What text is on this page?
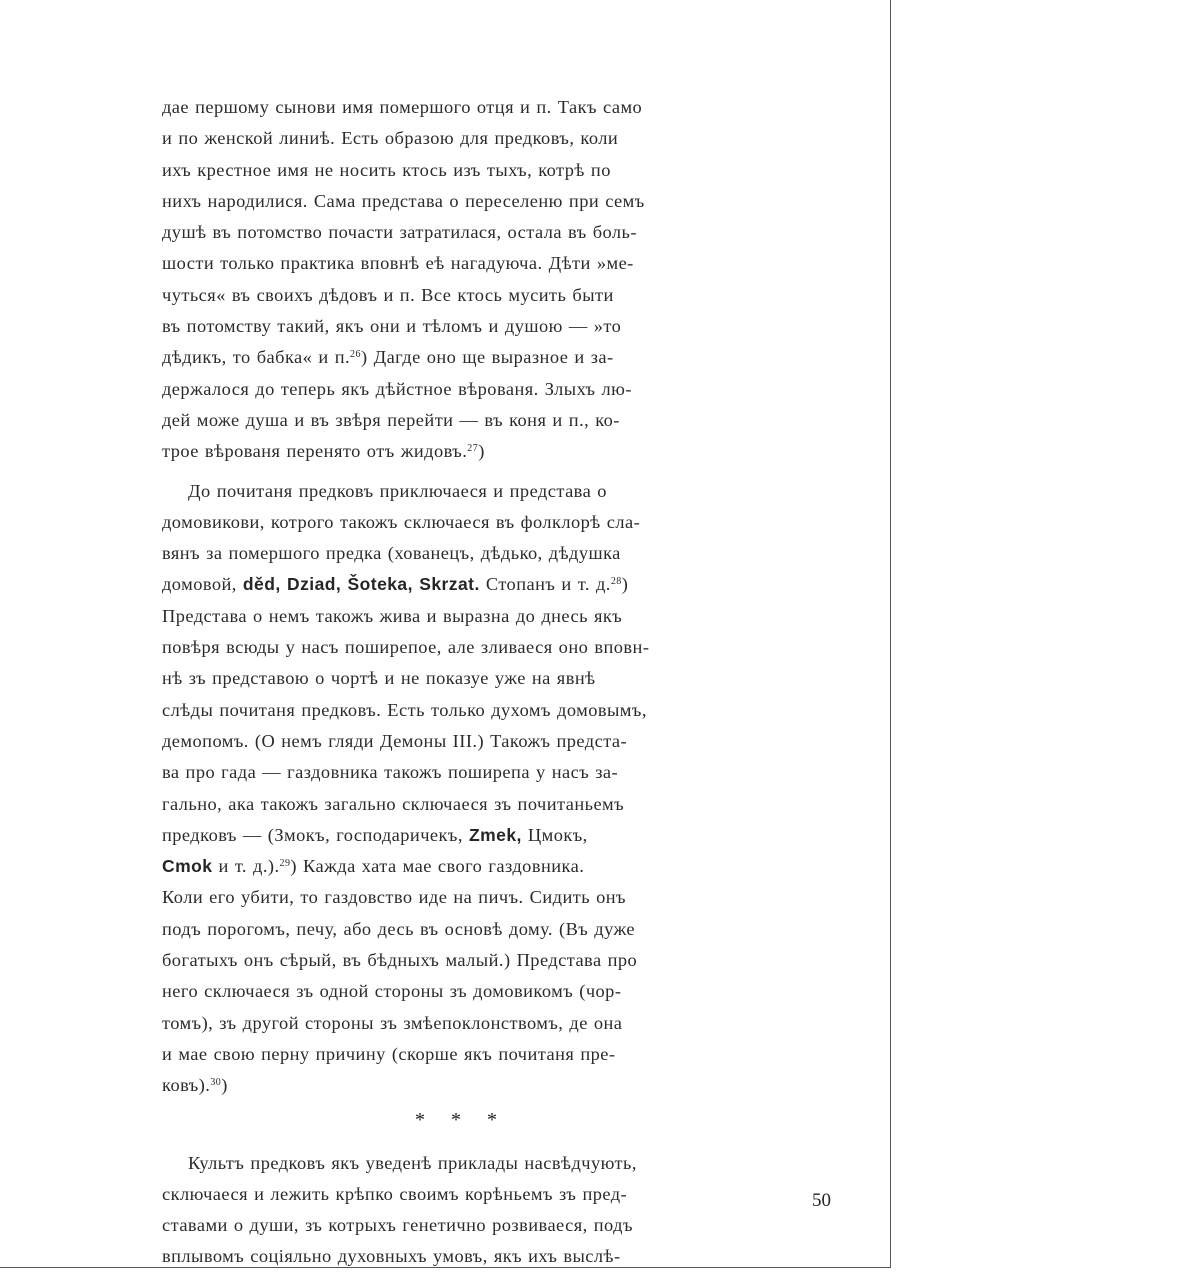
дае першому сынови имя помершого отця и п. Такъ само
и по женской линиѣ. Есть образою для предковъ, коли
ихъ крестное имя не носить ктось изъ тыхъ, котрѣ по
нихъ народилися. Сама представа о переселеню при семъ
душѣ въ потомство почасти затратилася, остала въ боль-
шости только практика вповнѣ еѣ нагадуюча. Дѣти »ме-
чуться« въ своихъ дѣдовъ и п. Все ктось мусить быти
въ потомству такий, якъ они и тѣломъ и душою — »то
дѣдикъ, то бабка« и п.$^{26}$) Дагде оно ще выразное и за-
держалося до теперь якъ дѣйстное вѣрованя. Злыхъ лю-
дей може душа и въ звѣря перейти — въ коня и п., ко-
трое вѣрованя перенято отъ жидовъ.$^{27}$)
До почитаня предковъ приключаеся и представа о
домовикови, котрого такожъ сключаеся въ фолклорѣ сла-
вянъ за помершого предка (хованецъ, дѣдько, дѣдушка
домовой, děd, Dziad, Šoteka, Skrzat. Стопанъ и т. д.$^{28}$)
Представа о немъ такожъ жива и выразна до днесь якъ
повѣря всюды у насъ поширепое, але зливаеся оно вповн-
нѣ зъ представою о чортѣ и не показуе уже на явнѣ
слѣды почитаня предковъ. Есть только духомъ домовымъ,
демопомъ. (О немъ гляди Демоны III.) Такожъ предста-
ва про гада — газдовника такожъ поширепа у насъ за-
гально, ака такожъ загально сключаеся зъ почитаньемъ
предковъ — (Змокъ, господаричекъ, Zmek, Цмокъ,
Cmok и т. д.).$^{29}$) Кажда хата мае свого газдовника.
Коли его убити, то газдовство иде на пичъ. Сидить онъ
подъ порогомъ, печу, або десь въ основѣ дому. (Въ дуже
богатыхъ онъ сѣрый, въ бѣдныхъ малый.) Представа про
него сключаеся зъ одной стороны зъ домовикомъ (чор-
томъ), зъ другой стороны зъ змѣепоклонствомъ, де она
и мае свою перну причину (скорше якъ почитаня пре-
ковъ).$^{30}$)
* * *
Культъ предковъ якъ уведенѣ приклады насвѣдчують,
сключаеся и лежить крѣпко своимъ корѣньемъ зъ пред-
ставами о души, зъ котрыхъ генетично розвиваеся, подъ
вплывомъ соціяльно духовныхъ умовъ, якъ ихъ выслѣ-
50
